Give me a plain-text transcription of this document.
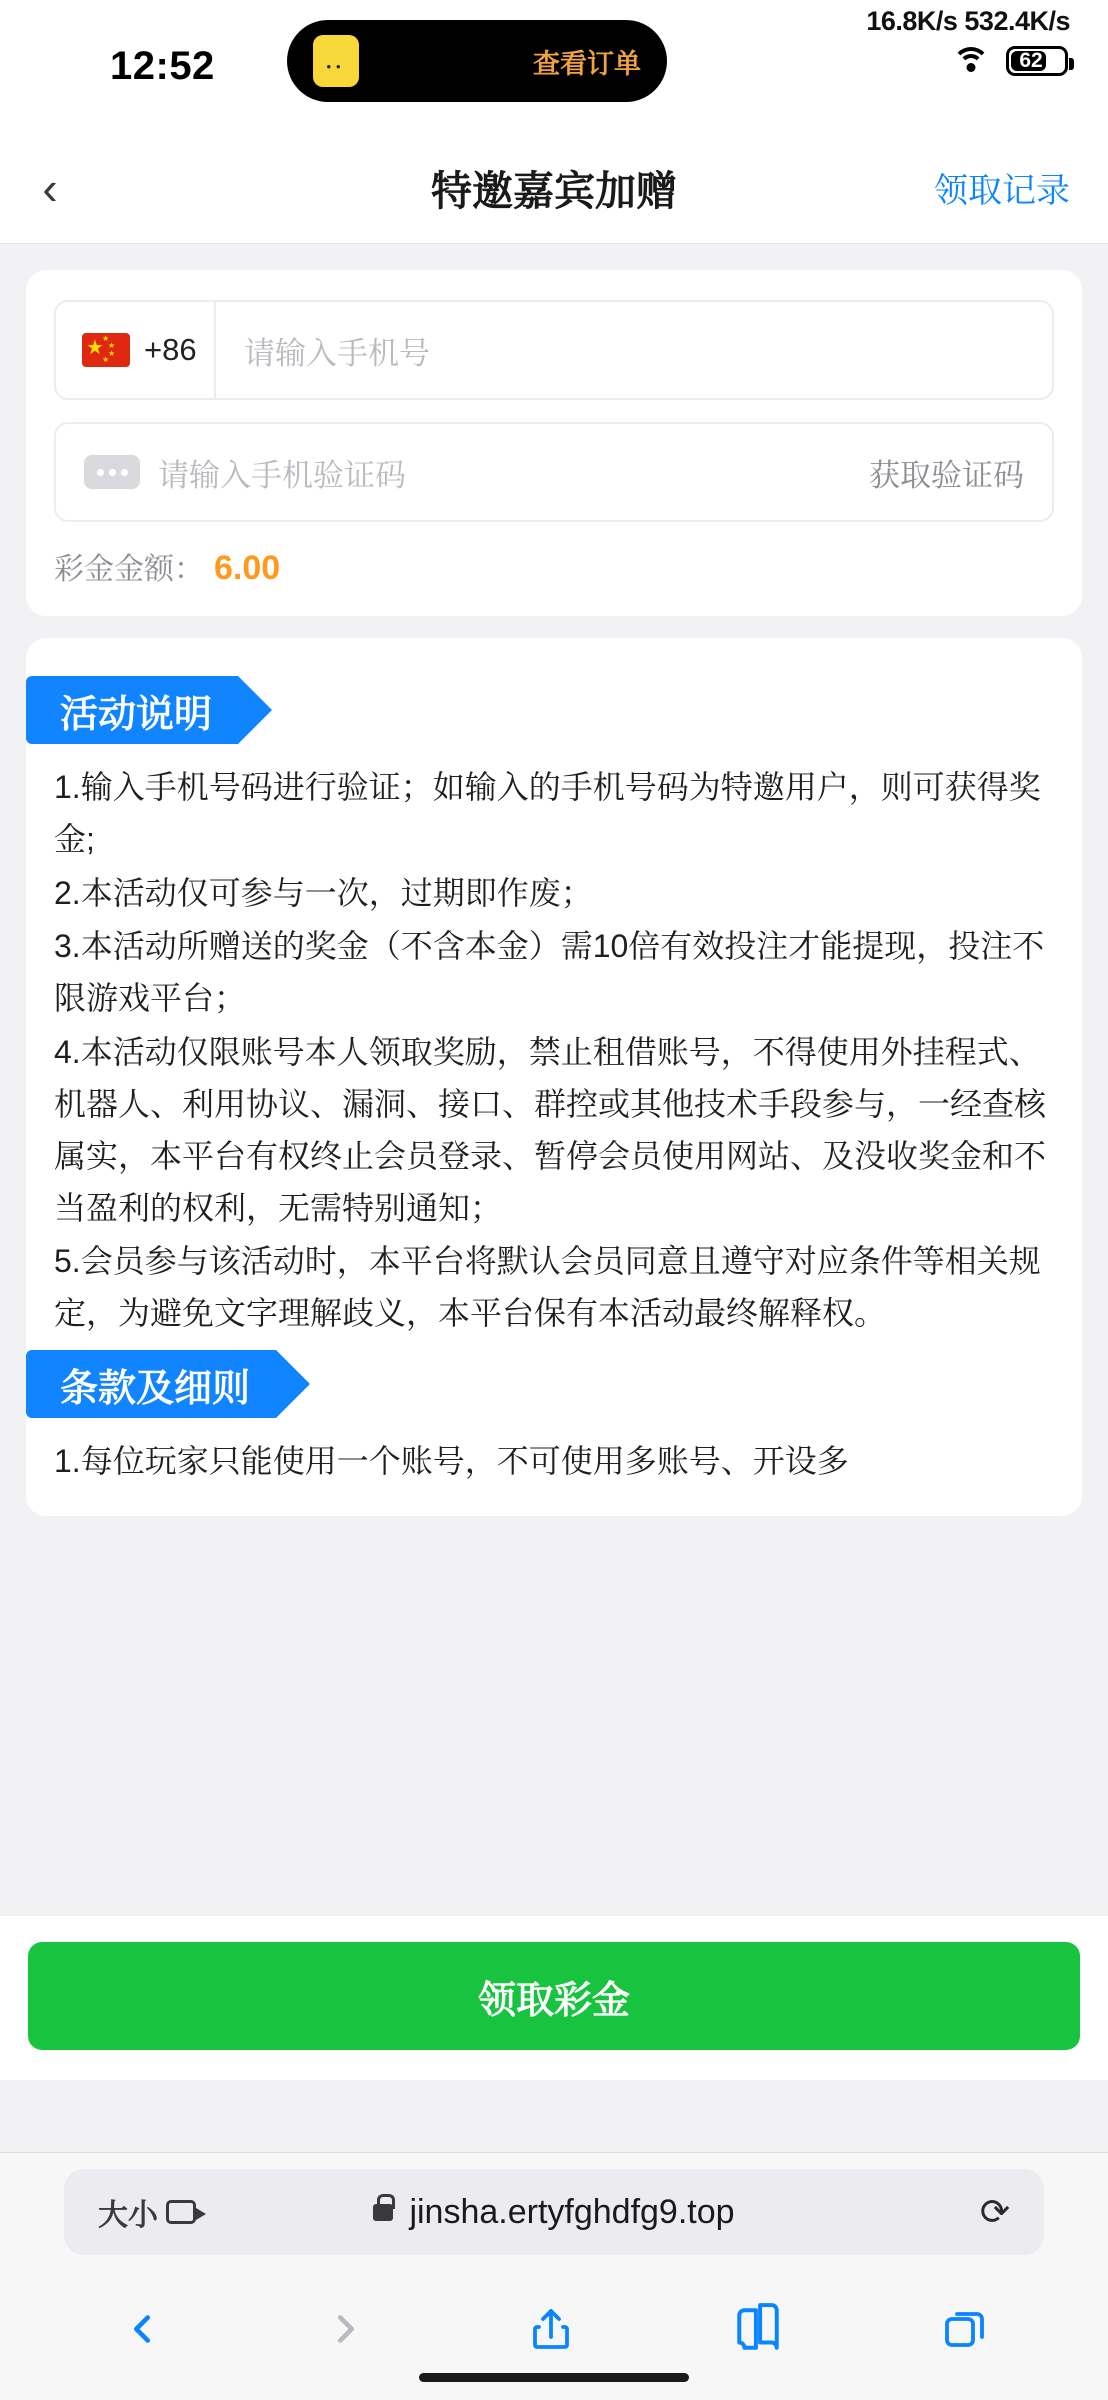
16.8K/s 532.4K/s
12:52	••	查看订单	62
‹	特邀嘉宾加赠	领取记录
★
★
★
★
★ +86	请输入手机号
请输入手机验证码	获取验证码
彩金金额： 6.00
活动说明

1.输入手机号码进行验证；如输入的手机号码为特邀用户，则可获得奖金;

2.本活动仅可参与一次，过期即作废；

3.本活动所赠送的奖金（不含本金）需10倍有效投注才能提现，投注不限游戏平台；

4.本活动仅限账号本人领取奖励，禁止租借账号，不得使用外挂程式、机器人、利用协议、漏洞、接口、群控或其他技术手段参与，一经查核属实，本平台有权终止会员登录、暂停会员使用网站、及没收奖金和不当盈利的权利，无需特别通知；

5.会员参与该活动时，本平台将默认会员同意且遵守对应条件等相关规定，为避免文字理解歧义，本平台保有本活动最终解释权。

条款及细则

1.每位玩家只能使用一个账号，不可使用多账号、开设多

领取彩金
大小	jinsha.ertyfghdfg9.top	⟳
